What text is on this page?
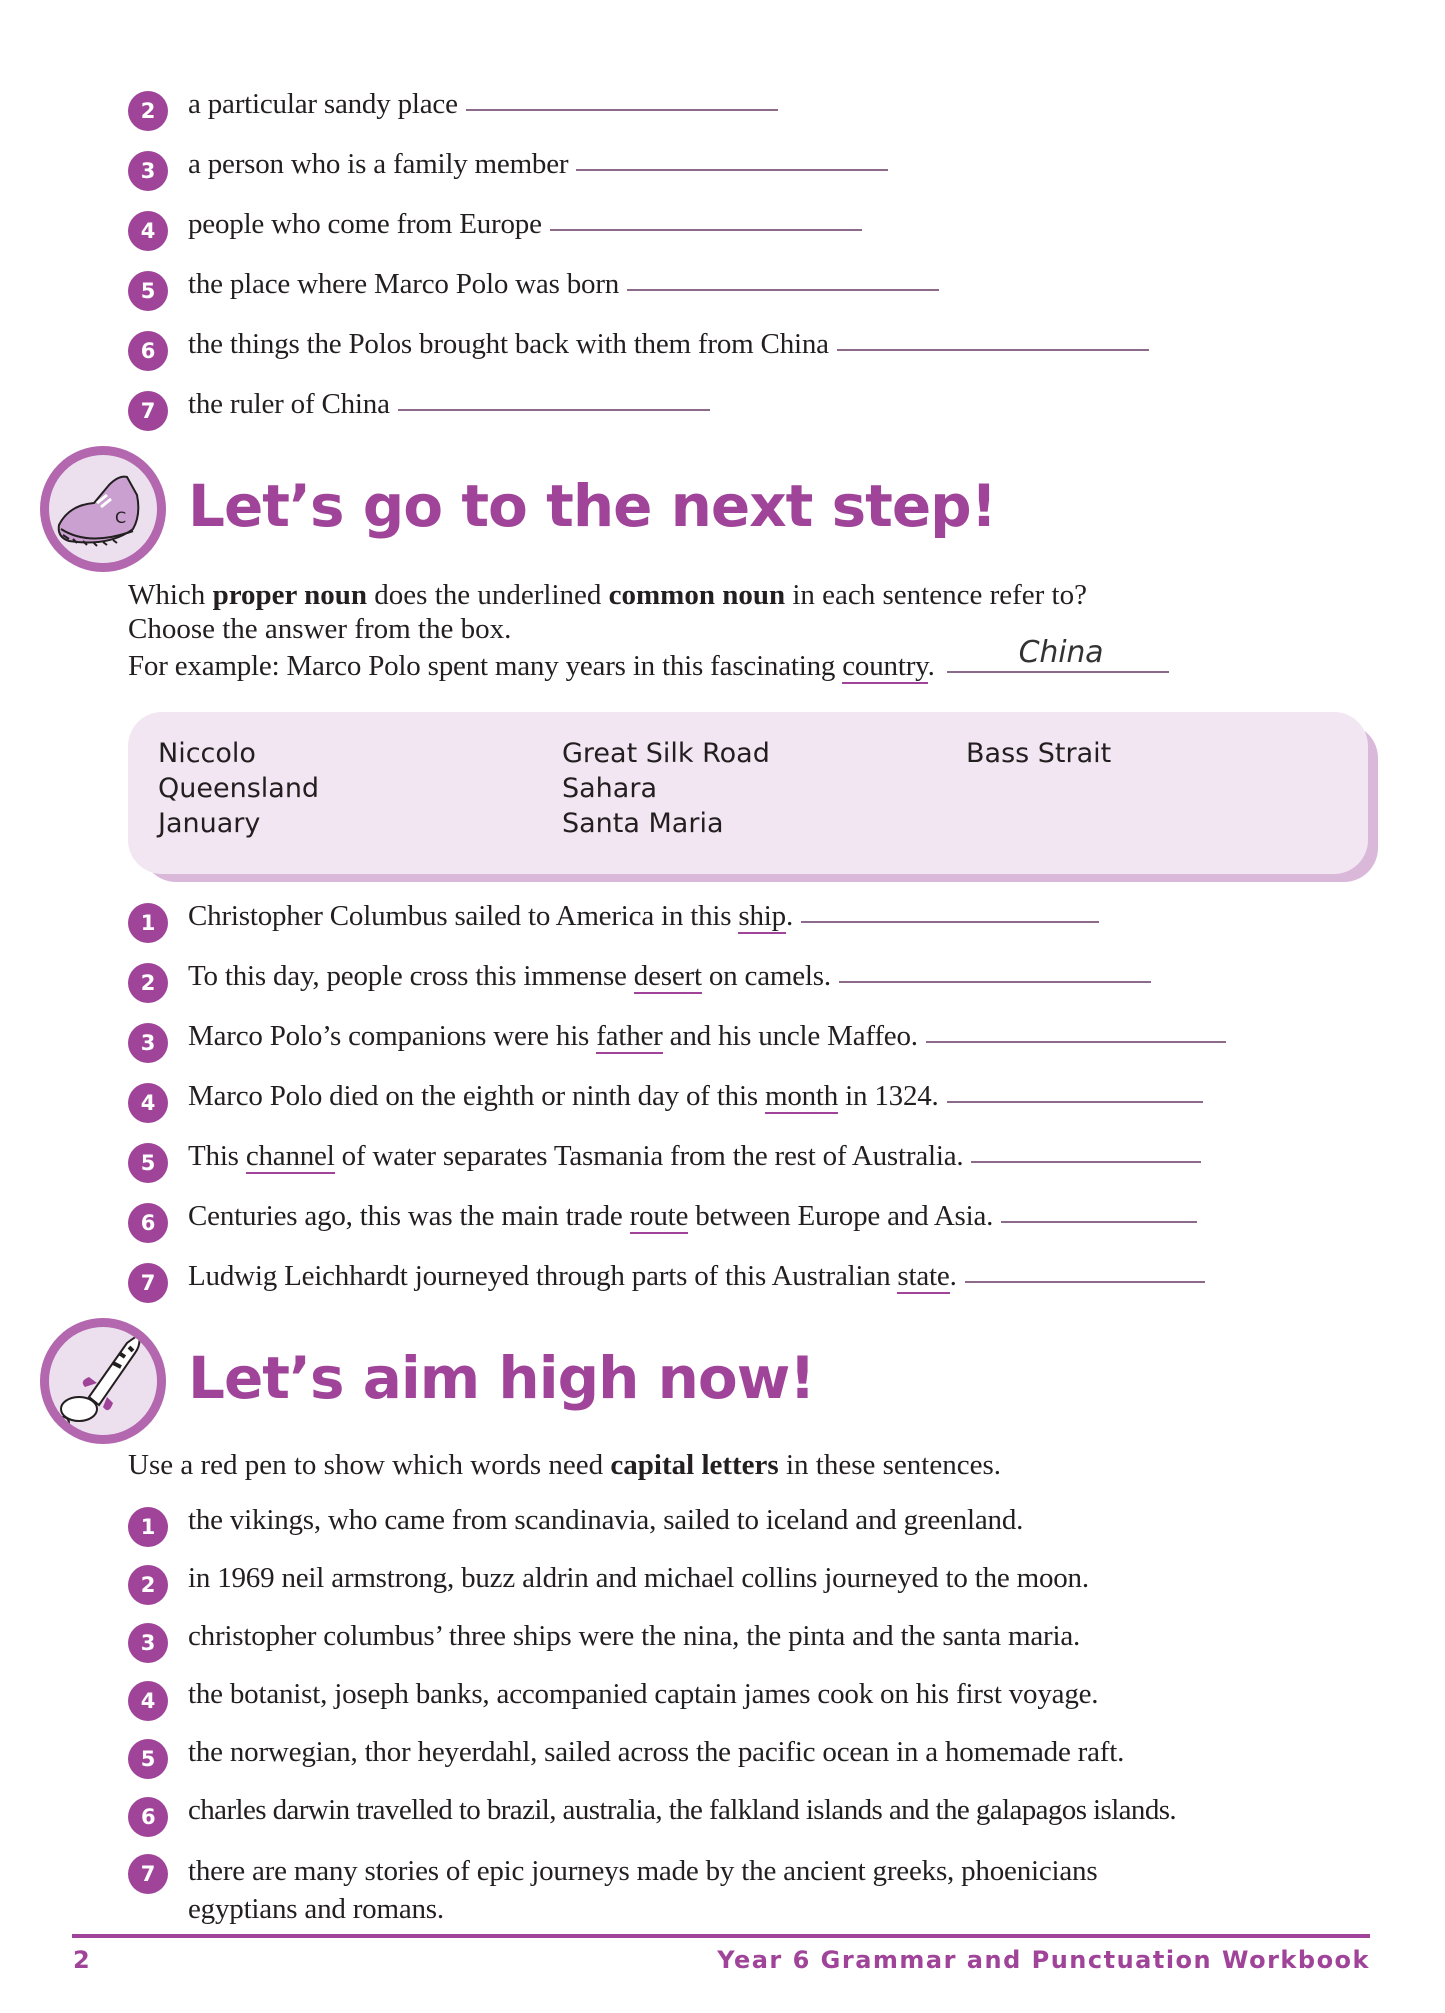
2	a particular sandy place
3	a person who is a family member
4	people who come from Europe
5	the place where Marco Polo was born
6	the things the Polos brought back with them from China
7	the ruler of China
C Let’s go to the next step!
Which proper noun does the underlined common noun in each sentence refer to?
Choose the answer from the box.
For example: Marco Polo spent many years in this fascinating country.	China
Niccolo
Queensland
January
Great Silk Road
Sahara
Santa Maria
Bass Strait
1	Christopher Columbus sailed to America in this ship.
2	To this day, people cross this immense desert on camels.
3	Marco Polo’s companions were his father and his uncle Maffeo.
4	Marco Polo died on the eighth or ninth day of this month in 1324.
5	This channel of water separates Tasmania from the rest of Australia.
6	Centuries ago, this was the main trade route between Europe and Asia.
7	Ludwig Leichhardt journeyed through parts of this Australian state.
Let’s aim high now!
Use a red pen to show which words need capital letters in these sentences.
1	the vikings, who came from scandinavia, sailed to iceland and greenland.
2	in 1969 neil armstrong, buzz aldrin and michael collins journeyed to the moon.
3	christopher columbus’ three ships were the nina, the pinta and the santa maria.
4	the botanist, joseph banks, accompanied captain james cook on his first voyage.
5	the norwegian, thor heyerdahl, sailed across the pacific ocean in a homemade raft.
6	charles darwin travelled to brazil, australia, the falkland islands and the galapagos islands.
7	there are many stories of epic journeys made by the ancient greeks, phoenicians
egyptians and romans.
2	Year 6 Grammar and Punctuation Workbook
